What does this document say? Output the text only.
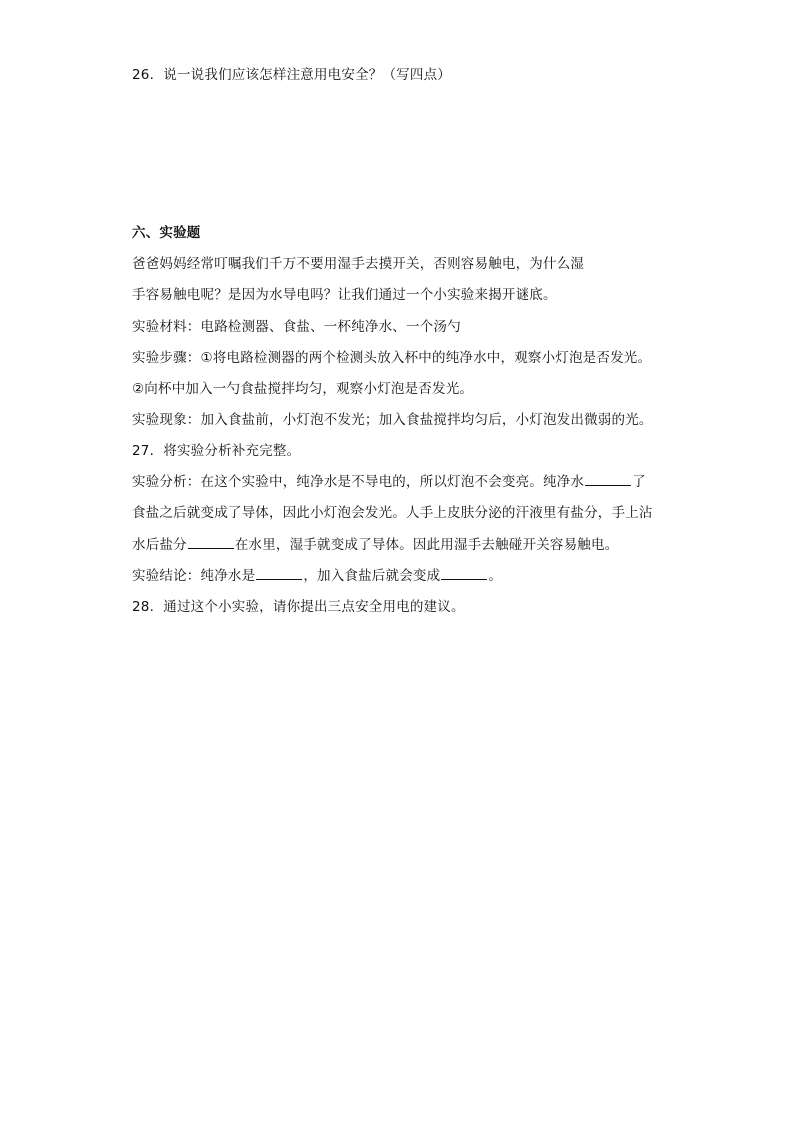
26．说一说我们应该怎样注意用电安全？（写四点）
六、实验题
爸爸妈妈经常叮嘱我们千万不要用湿手去摸开关，否则容易触电，为什么湿
手容易触电呢？是因为水导电吗？让我们通过一个小实验来揭开谜底。
实验材料：电路检测器、食盐、一杯纯净水、一个汤勺
实验步骤：①将电路检测器的两个检测头放入杯中的纯净水中，观察小灯泡是否发光。
②向杯中加入一勺食盐搅拌均匀，观察小灯泡是否发光。
实验现象：加入食盐前，小灯泡不发光；加入食盐搅拌均匀后，小灯泡发出微弱的光。
27．将实验分析补充完整。
实验分析：在这个实验中，纯净水是不导电的，所以灯泡不会变亮。纯净水	了
食盐之后就变成了导体，因此小灯泡会发光。人手上皮肤分泌的汗液里有盐分，手上沾
水后盐分	在水里，湿手就变成了导体。因此用湿手去触碰开关容易触电。
实验结论：纯净水是	，加入食盐后就会变成	。
28．通过这个小实验，请你提出三点安全用电的建议。
